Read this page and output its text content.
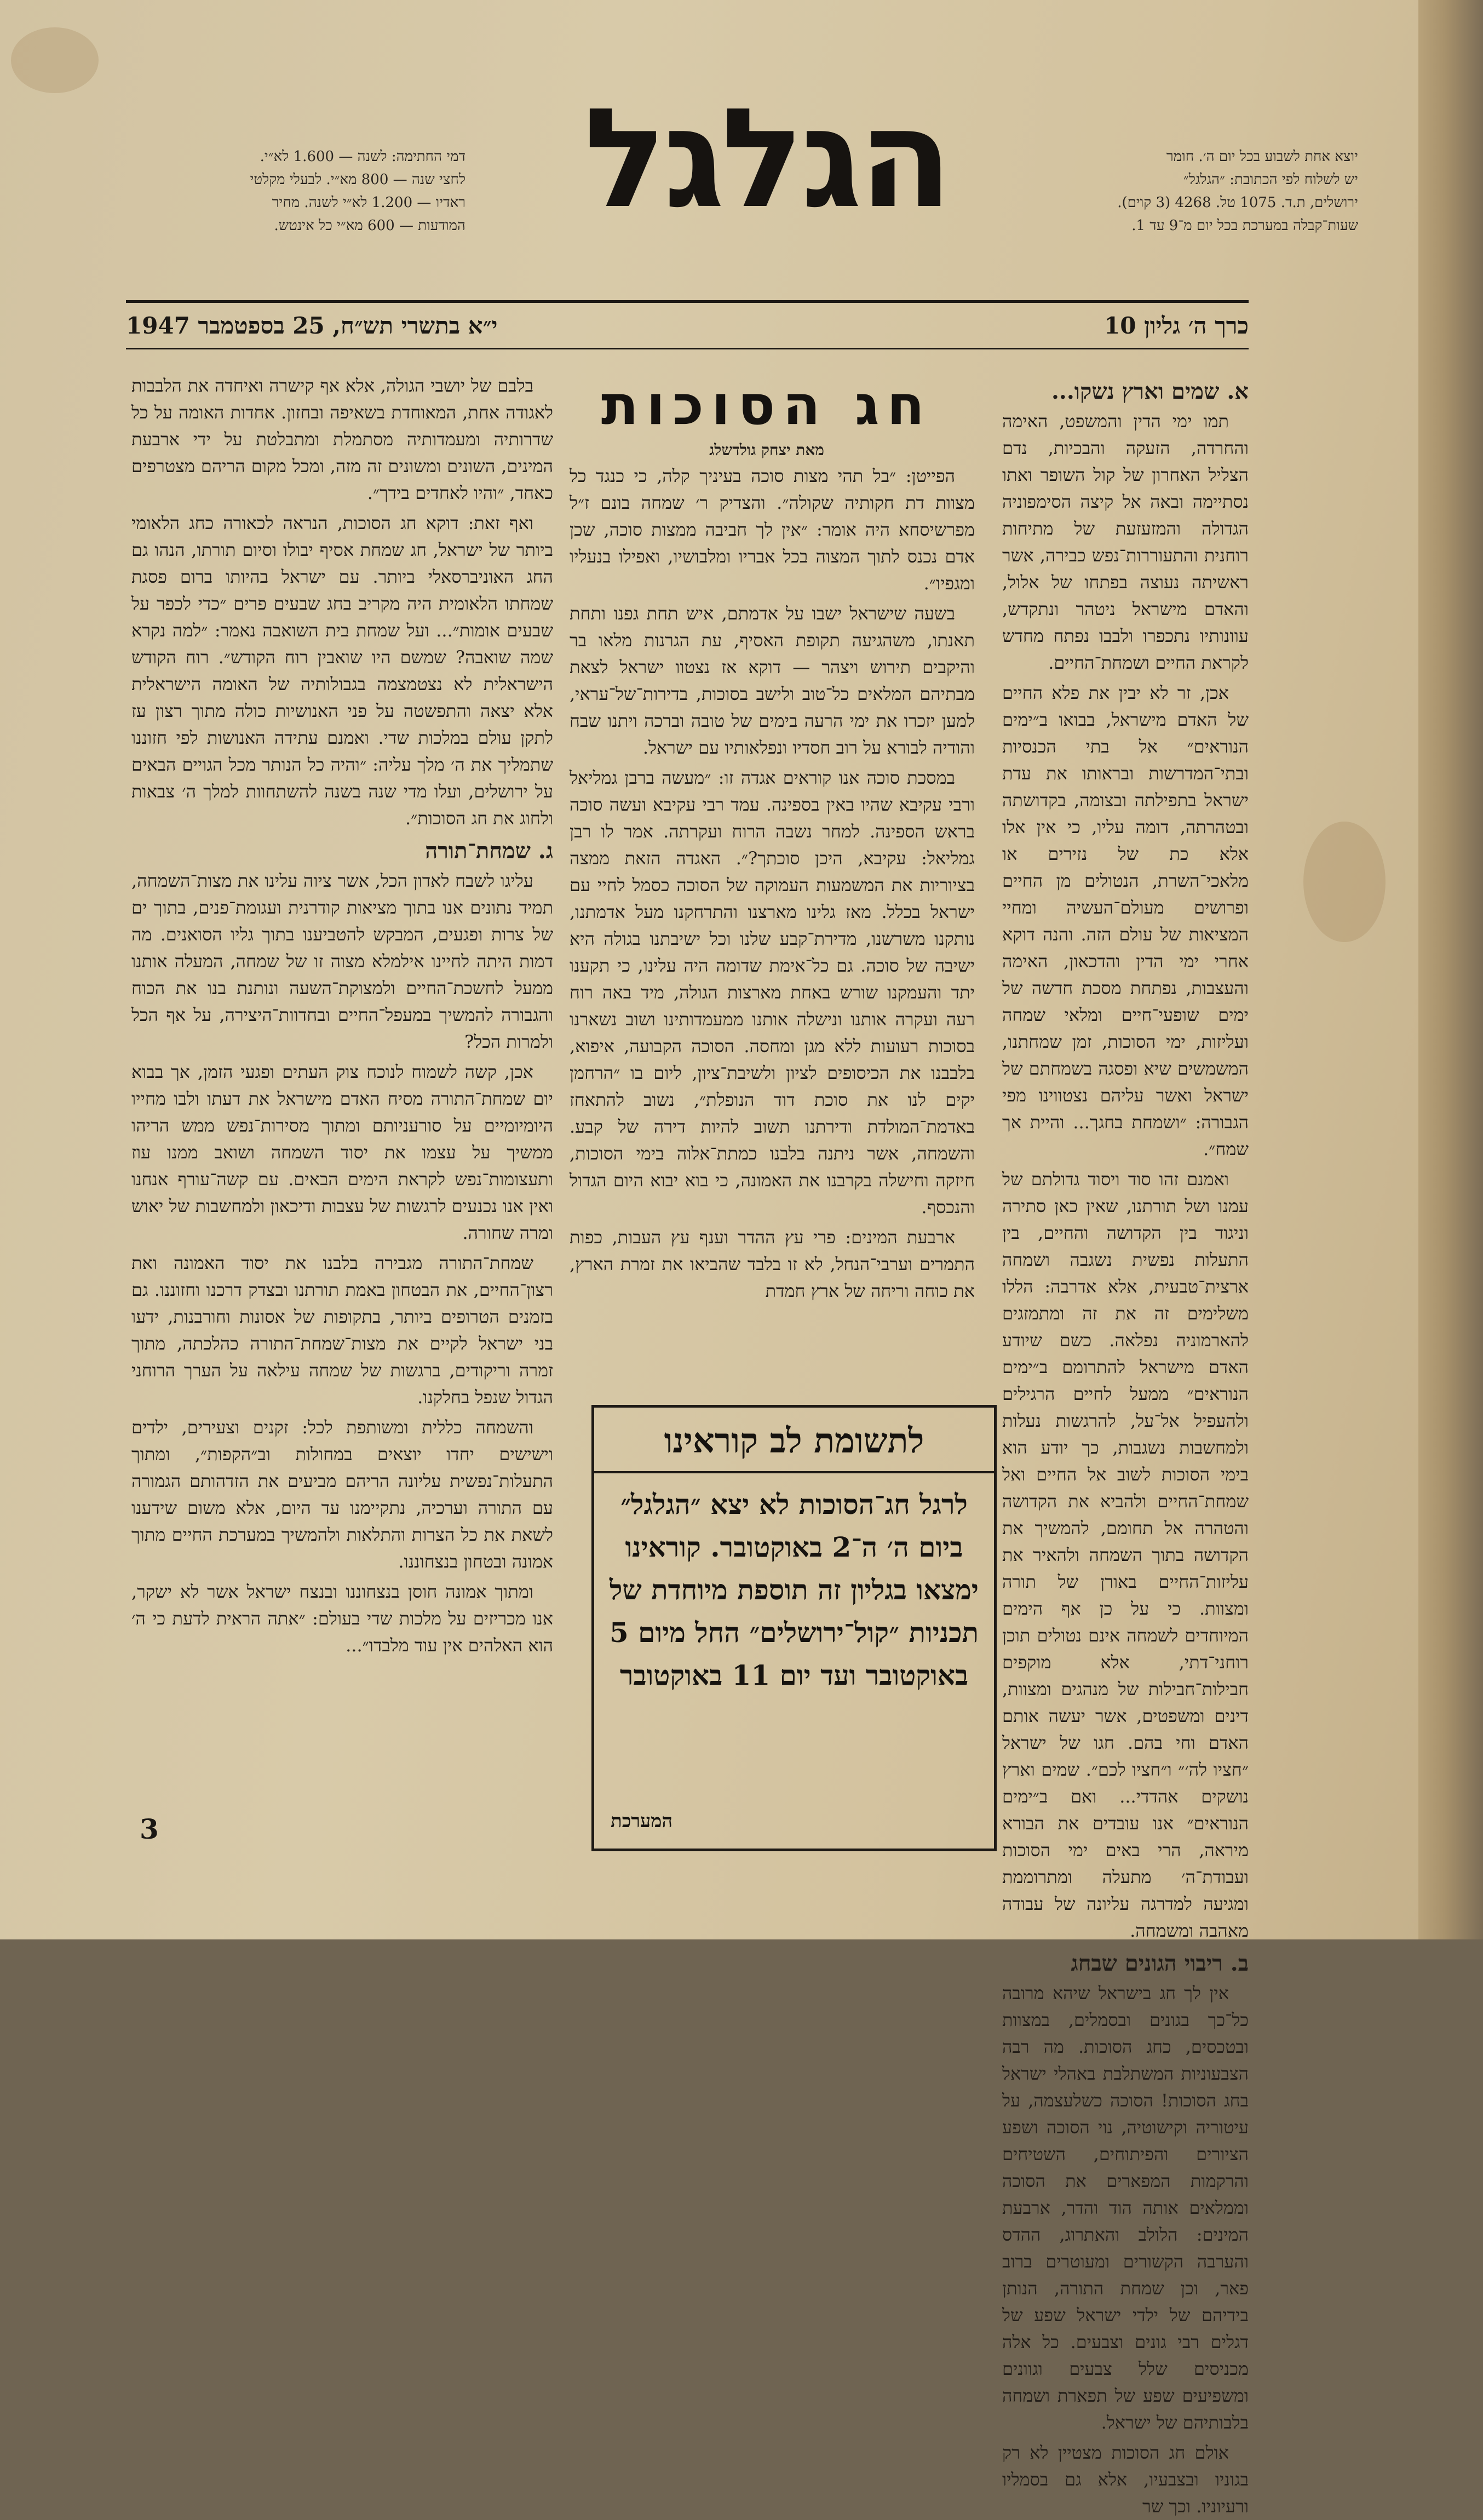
יוצא אחת לשבוע בכל יום ה׳. חומר
יש לשלוח לפי הכתובת: ״הגלגל״
ירושלים, ת.ד. 1075 טל. 4268 (3 קוים).
שעות־קבלה במערכת בכל יום מ־9 עד 1.
הגלגל
דמי החתימה: לשנה — 1.600 לא״י.
לחצי שנה — 800 מא״י. לבעלי מקלטי
ראדיו — 1.200 לא״י לשנה. מחיר
המודעות — 600 מא״י כל אינטש.
י״א בתשרי תש״ח, 25 בספטמבר 1947	כרך ה׳ גליון 10
חג הסוכות
מאת יצחק גולדשלג
א. שמים וארץ נשקו...

תמו ימי הדין והמשפט, האימה והחרדה, הזעקה והבכיות, נדם הצליל האחרון של קול השופר ואתו נסתיימה ובאה אל קיצה הסימפוניה הגדולה והמזעזעת של מתיחות רוחנית והתעוררות־נפש כבירה, אשר ראשיתה נעוצה בפתחו של אלול, והאדם מישראל ניטהר ונתקדש, עוונותיו נתכפרו ולבבו נפתח מחדש לקראת החיים ושמחת־החיים.

אכן, זר לא יבין את פלא החיים של האדם מישראל, בבואו ב״ימים הנוראים״ אל בתי הכנסיות ובתי־המדרשות ובראותו את עדת ישראל בתפילתה ובצומה, בקדושתה ובטהרתה, דומה עליו, כי אין אלו אלא כת של נזירים או מלאכי־השרת, הנטולים מן החיים ופרושים מעולם־העשיה ומחיי המציאות של עולם הזה. והנה דוקא אחרי ימי הדין והדכאון, האימה והעצבות, נפתחת מסכת חדשה של ימים שופעי־חיים ומלאי שמחה ועליזות, ימי הסוכות, זמן שמחתנו, המשמשים שיא ופסגה בשמחתם של ישראל ואשר עליהם נצטווינו מפי הגבורה: ״ושמחת בחגך... והיית אך שמח״.

ואמנם זהו סוד ויסוד גדולתם של עמנו ושל תורתנו, שאין כאן סתירה וניגוד בין הקדושה והחיים, בין התעלות נפשית נשגבה ושמחה ארצית־טבעית, אלא אדרבה: הללו משלימים זה את זה ומתמזגים להארמוניה נפלאה. כשם שיודע האדם מישראל להתרומם ב״ימים הנוראים״ ממעל לחיים הרגילים ולהעפיל אל־על, להרגשות נעלות ולמחשבות נשגבות, כך יודע הוא בימי הסוכות לשוב אל החיים ואל שמחת־החיים ולהביא את הקדושה והטהרה אל תחומם, להמשיך את הקדושה בתוך השמחה ולהאיר את עליזות־החיים באורן של תורה ומצוות. כי על כן אף הימים המיוחדים לשמחה אינם נטולים תוכן רוחני־דתי, אלא מוקפים חבילות־חבילות של מנהגים ומצוות, דינים ומשפטים, אשר יעשה אותם האדם וחי בהם. חגו של ישראל ״חציו לה׳״ ו״חציו לכם״. שמים וארץ נושקים אהדדי... ואם ב״ימים הנוראים״ אנו עובדים את הבורא מיראה, הרי באים ימי הסוכות ועבודת־ה׳ מתעלה ומתרוממת ומגיעה למדרגה עליונה של עבודה מאהבה ומשמחה.

ב. ריבוי הגונים שבחג

אין לך חג בישראל שיהא מרובה כל־כך בגונים ובסמלים, במצוות ובטכסים, כחג הסוכות. מה רבה הצבעוניות המשתלבת באהלי ישראל בחג הסוכות! הסוכה כשלעצמה, על עיטוריה וקישוטיה, נוי הסוכה ושפע הציורים והפיתוחים, השטיחים והרקמות המפארים את הסוכה וממלאים אותה הוד והדר, ארבעת המינים: הלולב והאתרוג, ההדס והערבה הקשורים ומעוטרים ברוב פאר, וכן שמחת התורה, הנותן בידיהם של ילדי ישראל שפע של דגלים רבי גונים וצבעים. כל אלה מכניסים שלל צבעים וגוונים ומשפיעים שפע של תפארת ושמחה בלבותיהם של ישראל.

אולם חג הסוכות מצטיין לא רק בגוניו ובצבעיו, אלא גם בסמליו ורעיוניו. וכך שר

הפייטן: ״בל תהי מצות סוכה בעיניך קלה, כי כנגד כל מצוות דת חקותיה שקולה״. והצדיק ר׳ שמחה בונם ז״ל מפרשיסחא היה אומר: ״אין לך חביבה ממצות סוכה, שכן אדם נכנס לתוך המצוה בכל אבריו ומלבושיו, ואפילו בנעליו ומגפיו״.

בשעה שישראל ישבו על אדמתם, איש תחת גפנו ותחת תאנתו, משהגיעה תקופת האסיף, עת הגרנות מלאו בר והיקבים תירוש ויצהר — דוקא אז נצטוו ישראל לצאת מבתיהם המלאים כל־טוב ולישב בסוכות, בדירות־של־עראי, למען יזכרו את ימי הרעה בימים של טובה וברכה ויתנו שבח והודיה לבורא על רוב חסדיו ונפלאותיו עם ישראל.

במסכת סוכה אנו קוראים אגדה זו: ״מעשה ברבן גמליאל ורבי עקיבא שהיו באין בספינה. עמד רבי עקיבא ועשה סוכה בראש הספינה. למחר נשבה הרוח ועקרתה. אמר לו רבן גמליאל: עקיבא, היכן סוכתך?״. האגדה הזאת ממצה בציוריות את המשמעות העמוקה של הסוכה כסמל לחיי עם ישראל בכלל. מאז גלינו מארצנו והתרחקנו מעל אדמתנו, נותקנו משרשנו, מדירת־קבע שלנו וכל ישיבתנו בגולה היא ישיבה של סוכה. גם כל־אימת שדומה היה עלינו, כי תקענו יתד והעמקנו שורש באחת מארצות הגולה, מיד באה רוח רעה ועקרה אותנו ונישלה אותנו ממעמדותינו ושוב נשארנו בסוכות רעועות ללא מגן ומחסה. הסוכה הקבועה, איפוא, בלבבנו את הכיסופים לציון ולשיבת־ציון, ליום בו ״הרחמן יקים לנו את סוכת דוד הנופלת״, נשוב להתאחז באדמת־המולדת ודירתנו תשוב להיות דירה של קבע. והשמחה, אשר ניתנה בלבנו כמתת־אלוה בימי הסוכות, חיזקה וחישלה בקרבנו את האמונה, כי בוא יבוא היום הגדול והנכסף.

ארבעת המינים: פרי עץ ההדר וענף עץ העבות, כפות התמרים וערבי־הנחל, לא זו בלבד שהביאו את זמרת הארץ, את כוחה וריחה של ארץ חמדת

בלבם של יושבי הגולה, אלא אף קישרה ואיחדה את הלבבות לאגודה אחת, המאוחדת בשאיפה ובחזון. אחדות האומה על כל שדרותיה ומעמדותיה מסתמלת ומתבלטת על ידי ארבעת המינים, השונים ומשונים זה מזה, ומכל מקום הריהם מצטרפים כאחד, ״והיו לאחדים בידך״.

ואף זאת: דוקא חג הסוכות, הנראה לכאורה כחג הלאומי ביותר של ישראל, חג שמחת אסיף יבולו וסיום תורתו, הנהו גם החג האוניברסאלי ביותר. עם ישראל בהיותו ברום פסגת שמחתו הלאומית היה מקריב בחג שבעים פרים ״כדי לכפר על שבעים אומות״... ועל שמחת בית השואבה נאמר: ״למה נקרא שמה שואבה? שמשם היו שואבין רוח הקודש״. רוח הקודש הישראלית לא נצטמצמה בגבולותיה של האומה הישראלית אלא יצאה והתפשטה על פני האנושיות כולה מתוך רצון עז לתקן עולם במלכות שדי. ואמנם עתידה האנושות לפי חזוננו שתמליך את ה׳ מלך עליה: ״והיה כל הנותר מכל הגויים הבאים על ירושלים, ועלו מדי שנה בשנה להשתחוות למלך ה׳ צבאות ולחוג את חג הסוכות״.

ג. שמחת־תורה

עליגו לשבח לאדון הכל, אשר ציוה עלינו את מצות־השמחה, תמיד נתונים אנו בתוך מציאות קודרנית ועגומת־פנים, בתוך ים של צרות ופגעים, המבקש להטביענו בתוך גליו הסואנים. מה דמות היתה לחיינו אילמלא מצוה זו של שמחה, המעלה אותנו ממעל לחשכת־החיים ולמצוקת־השעה ונותנת בנו את הכוח והגבורה להמשיך במעפל־החיים ובחדוות־היצירה, על אף הכל ולמרות הכל?

אכן, קשה לשמוח לנוכח צוק העתים ופגעי הזמן, אך בבוא יום שמחת־התורה מסיח האדם מישראל את דעתו ולבו מחייו היומיומיים על סורעניותם ומתוך מסירות־נפש ממש הריהו ממשיך על עצמו את יסוד השמחה ושואב ממנו עוז ותעצומות־נפש לקראת הימים הבאים. עם קשה־עורף אנחנו ואין אנו נכנעים לרגשות של עצבות ודיכאון ולמחשבות של יאוש ומרה שחורה.

שמחת־התורה מגבירה בלבנו את יסוד האמונה ואת רצון־החיים, את הבטחון באמת תורתנו ובצדק דרכנו וחזוננו. גם בזמנים הטרופים ביותר, בתקופות של אסונות וחורבנות, ידעו בני ישראל לקיים את מצות־שמחת־התורה כהלכתה, מתוך זמרה וריקודים, ברגשות של שמחה עילאה על הערך הרוחני הגדול שנפל בחלקנו.

והשמחה כללית ומשותפת לכל: זקנים וצעירים, ילדים וישישים יחדו יוצאים במחולות וב״הקפות״, ומתוך התעלות־נפשית עליונה הריהם מביעים את הזדהותם הגמורה עם התורה וערכיה, נתקיימנו עד היום, אלא משום שידענו לשאת את כל הצרות והתלאות ולהמשיך במערכת החיים מתוך אמונה ובטחון בנצחוננו.

ומתוך אמונה חוסן בנצחוננו ובנצח ישראל אשר לא ישקר, אנו מכריזים על מלכות שדי בעולם: ״אתה הראית לדעת כי ה׳ הוא האלהים אין עוד מלבדו״...

לתשומת לב קוראינו
לרגל חג־הסוכות לא יצא ״הגלגל״ ביום ה׳ ה־2 באוקטובר. קוראינו ימצאו בגליון זה תוספת מיוחדת של תכניות ״קול־ירושלים״ החל מיום 5 באוקטובר ועד יום 11 באוקטובר
המערכת
3
